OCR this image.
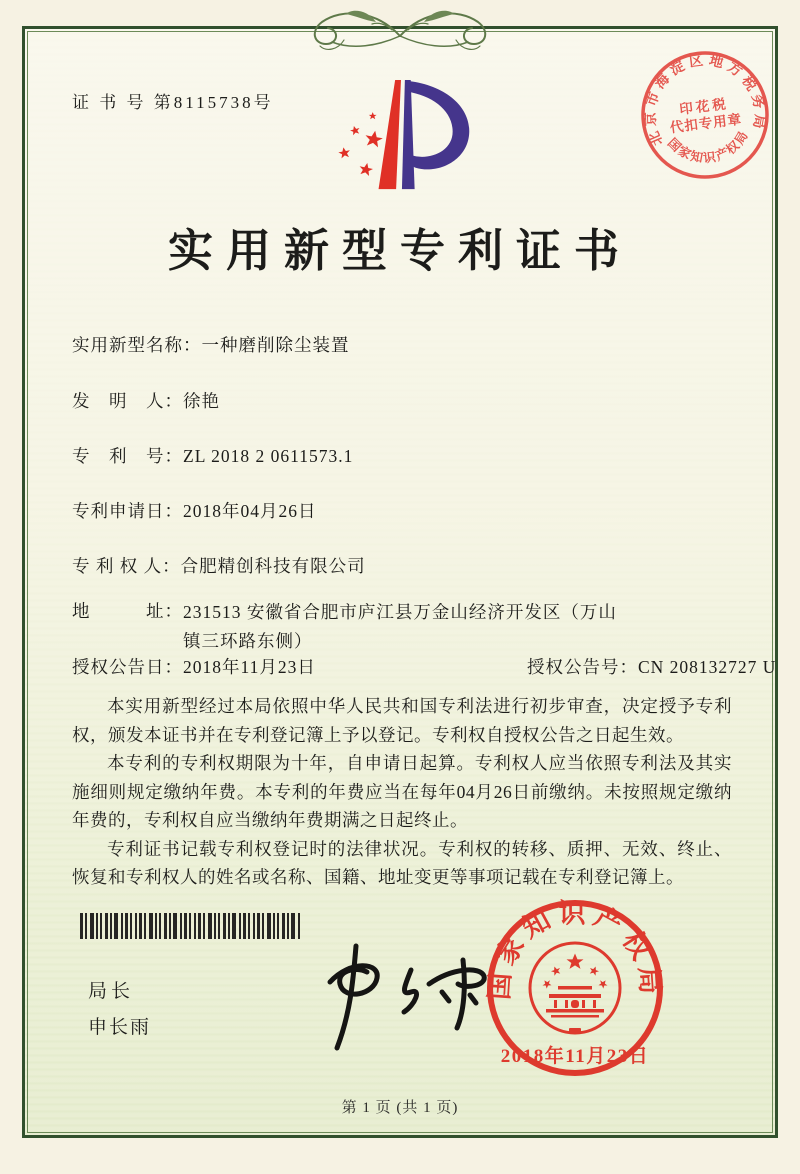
证 书 号 第8115738号
北京市海淀区地方税务局
国家知识产权局
印花税
代扣专用章
实用新型专利证书
实用新型名称：一种磨削除尘装置
发　明　人：徐艳
专　利　号：ZL 2018 2 0611573.1
专利申请日：2018年04月26日
专 利 权 人：合肥精创科技有限公司
地　　　址：231513 安徽省合肥市庐江县万金山经济开发区（万山镇三环路东侧）
授权公告日：2018年11月23日	授权公告号：CN 208132727 U

本实用新型经过本局依照中华人民共和国专利法进行初步审查，决定授予专利权，颁发本证书并在专利登记簿上予以登记。专利权自授权公告之日起生效。

本专利的专利权期限为十年，自申请日起算。专利权人应当依照专利法及其实施细则规定缴纳年费。本专利的年费应当在每年04月26日前缴纳。未按照规定缴纳年费的，专利权自应当缴纳年费期满之日起终止。

专利证书记载专利权登记时的法律状况。专利权的转移、质押、无效、终止、恢复和专利权人的姓名或名称、国籍、地址变更等事项记载在专利登记簿上。

局长
申长雨
国家知识产权局
2018年11月23日
第 1 页 (共 1 页)
